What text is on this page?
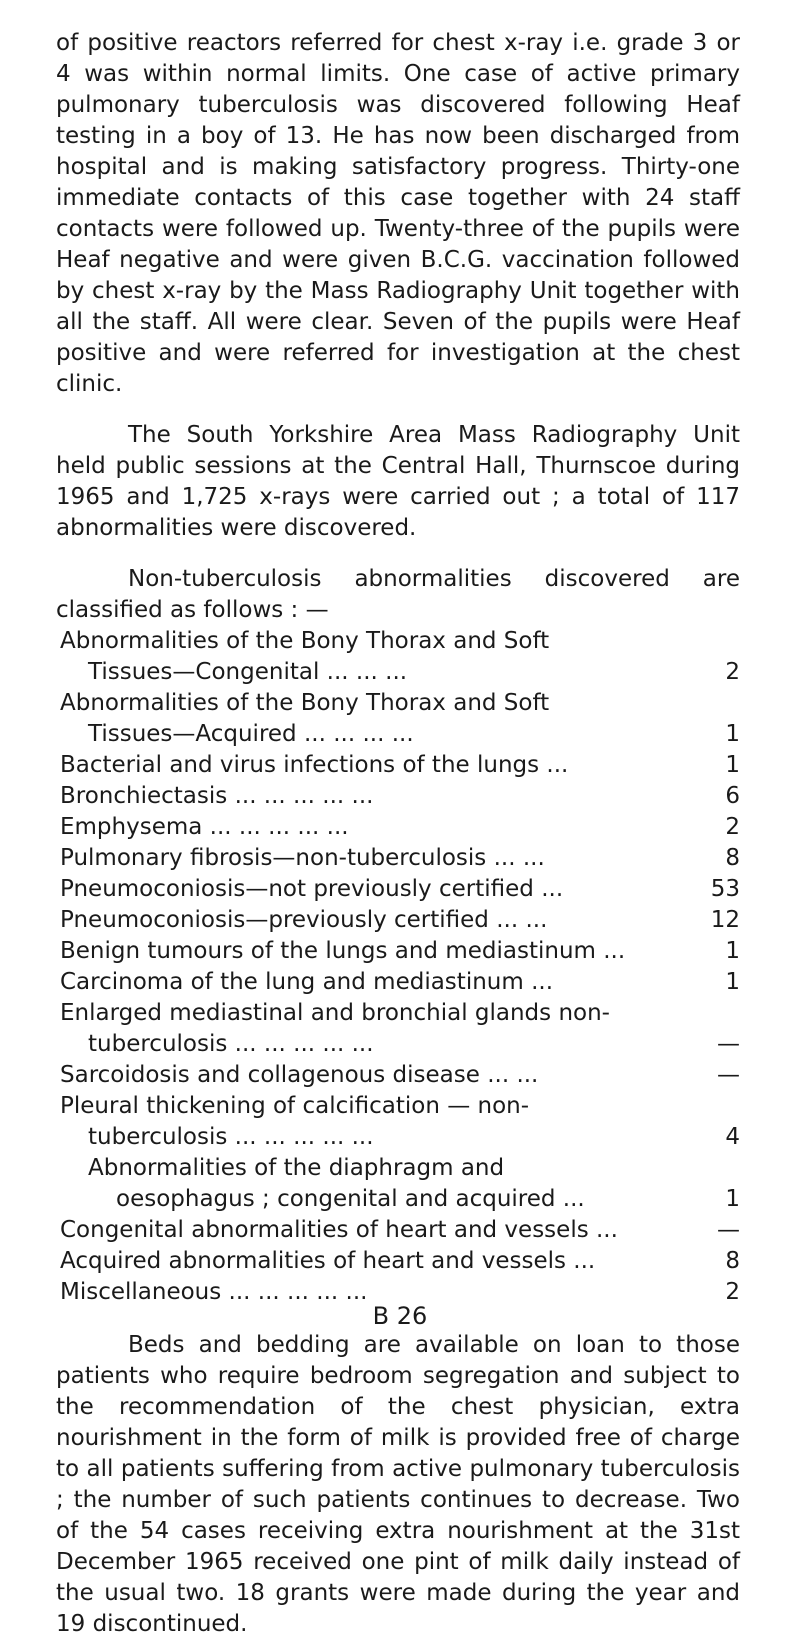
of positive reactors referred for chest x-ray i.e. grade 3 or 4 was within normal limits. One case of active primary pulmonary tuberculosis was discovered following Heaf testing in a boy of 13. He has now been discharged from hospital and is making satisfactory progress. Thirty-one immediate contacts of this case together with 24 staff contacts were followed up. Twenty-three of the pupils were Heaf negative and were given B.C.G. vaccination followed by chest x-ray by the Mass Radiography Unit together with all the staff. All were clear. Seven of the pupils were Heaf positive and were referred for investigation at the chest clinic.

The South Yorkshire Area Mass Radiography Unit held public sessions at the Central Hall, Thurnscoe during 1965 and 1,725 x-rays were carried out ; a total of 117 abnormalities were discovered.

Non-tuberculosis abnormalities discovered are classified as follows : —

Abnormalities of the Bony Thorax and Soft
Tissues—Congenital ... ... ...	2
Abnormalities of the Bony Thorax and Soft
Tissues—Acquired ... ... ... ...	1
Bacterial and virus infections of the lungs ...	1
Bronchiectasis ... ... ... ... ...	6
Emphysema ... ... ... ... ...	2
Pulmonary fibrosis—non-tuberculosis ... ...	8
Pneumoconiosis—not previously certified ...	53
Pneumoconiosis—previously certified ... ...	12
Benign tumours of the lungs and mediastinum ...	1
Carcinoma of the lung and mediastinum ...	1
Enlarged mediastinal and bronchial glands non-
tuberculosis ... ... ... ... ...	—
Sarcoidosis and collagenous disease ... ...	—
Pleural thickening of calcification — non-
tuberculosis ... ... ... ... ...	4
Abnormalities of the diaphragm and
oesophagus ; congenital and acquired ...	1
Congenital abnormalities of heart and vessels ...	—
Acquired abnormalities of heart and vessels ...	8
Miscellaneous ... ... ... ... ...	2

Beds and bedding are available on loan to those patients who require bedroom segregation and subject to the recommendation of the chest physician, extra nourishment in the form of milk is provided free of charge to all patients suffering from active pulmonary tuberculosis ; the number of such patients continues to decrease. Two of the 54 cases receiving extra nourishment at the 31st December 1965 received one pint of milk daily instead of the usual two. 18 grants were made during the year and 19 discontinued.

B 26
